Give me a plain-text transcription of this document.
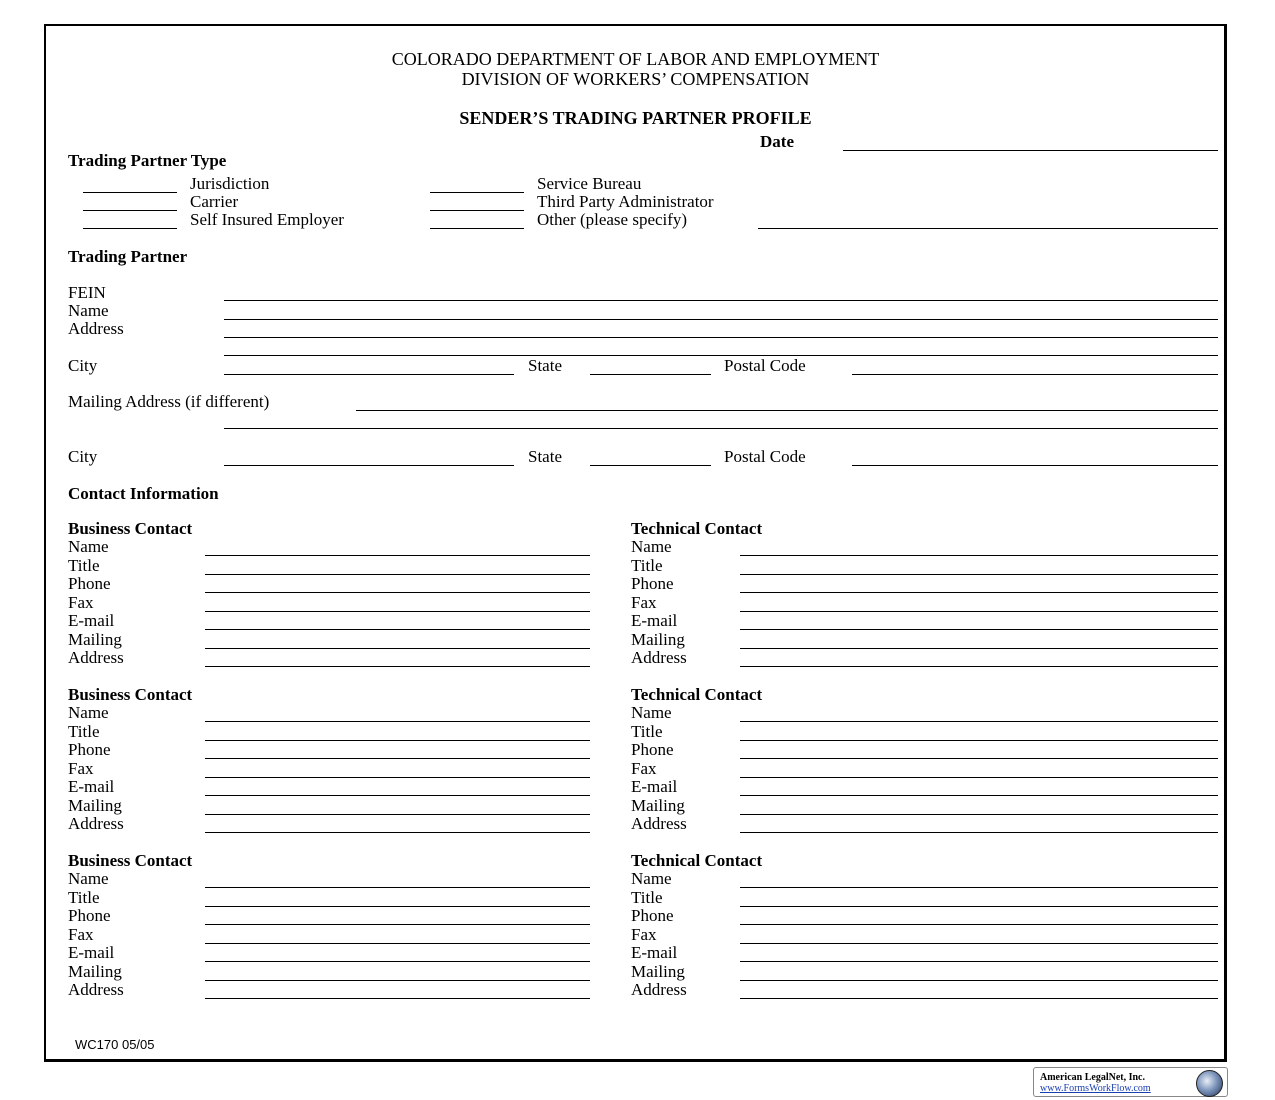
COLORADO DEPARTMENT OF LABOR AND EMPLOYMENT
DIVISION OF WORKERS’ COMPENSATION
SENDER’S TRADING PARTNER PROFILE
Date
Trading Partner Type
Jurisdiction
Carrier
Self Insured Employer
Service Bureau
Third Party Administrator
Other (please specify)
Trading Partner
FEIN
Name
Address
City	State	Postal Code
Mailing Address (if different)
City	State	Postal Code
Contact Information
Business Contact
Name
Title
Phone
Fax
E-mail
Mailing
Address
Technical Contact
Name
Title
Phone
Fax
E-mail
Mailing
Address
Business Contact
Name
Title
Phone
Fax
E-mail
Mailing
Address
Technical Contact
Name
Title
Phone
Fax
E-mail
Mailing
Address
Business Contact
Name
Title
Phone
Fax
E-mail
Mailing
Address
Technical Contact
Name
Title
Phone
Fax
E-mail
Mailing
Address
WC170 05/05
American LegalNet, Inc.
www.FormsWorkFlow.com
